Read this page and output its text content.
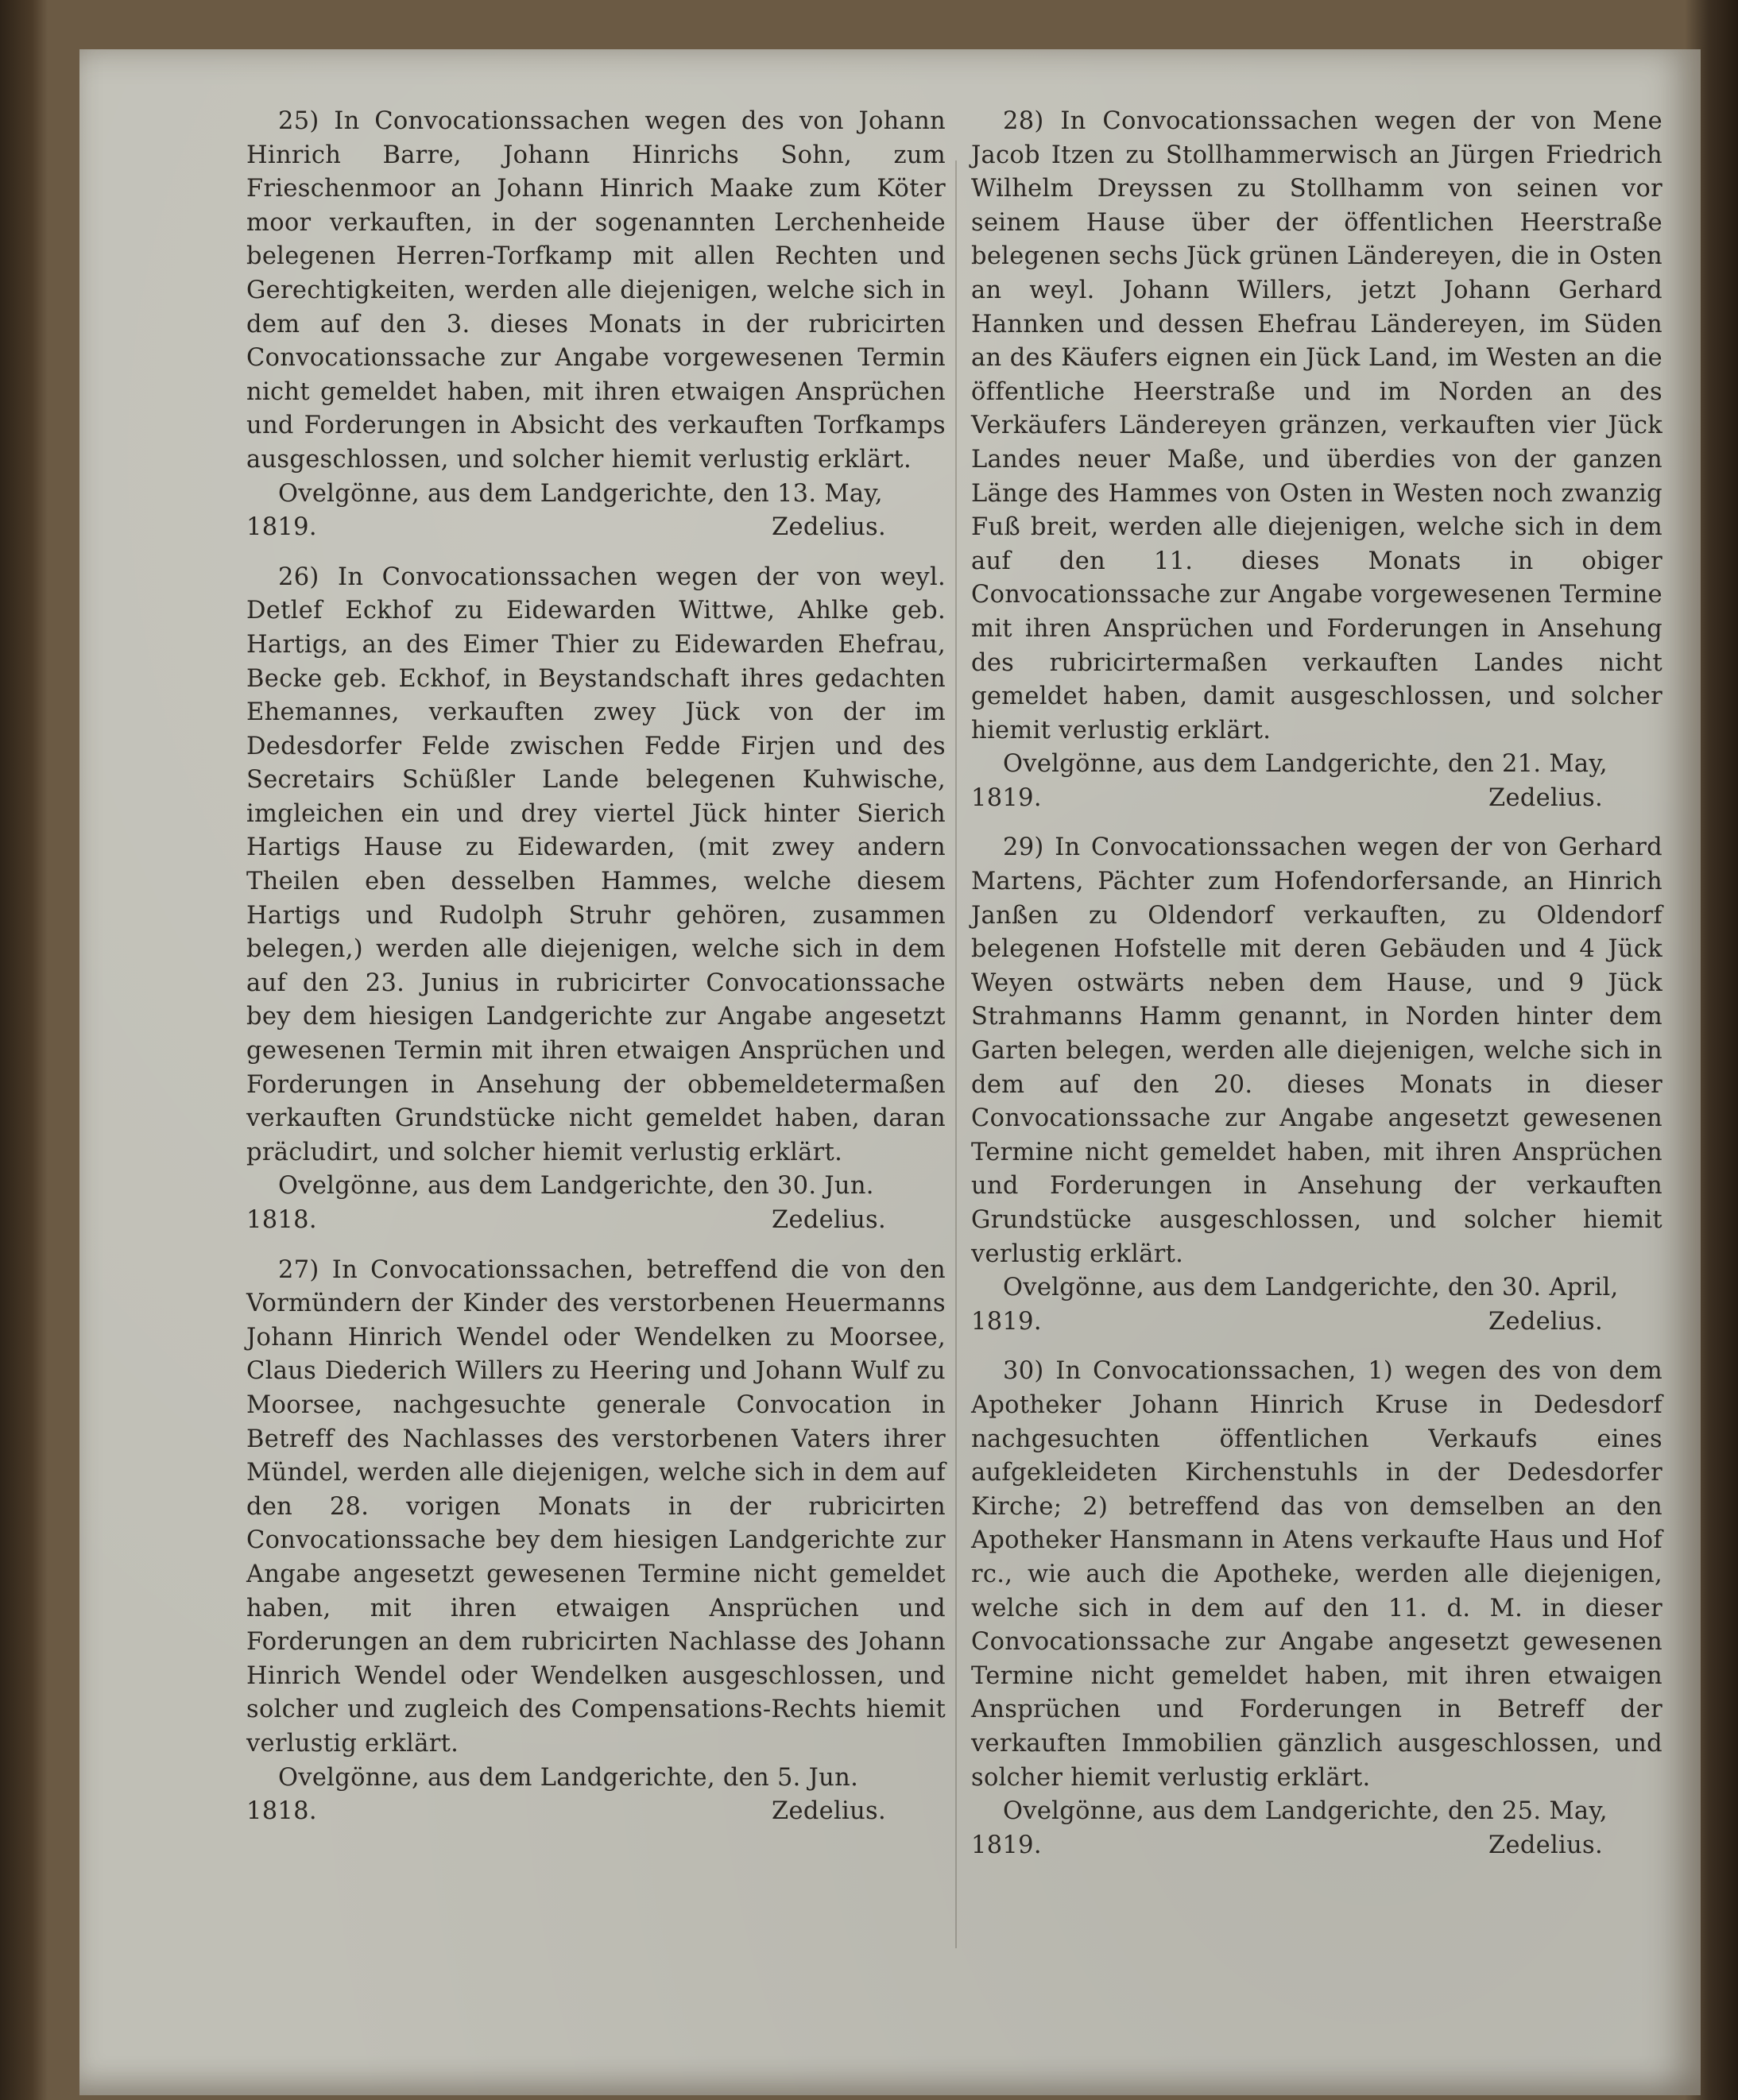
25) In Convocationssachen wegen des von Johann Hinrich Barre, Johann Hinrichs Sohn, zum Frieschenmoor an Johann Hinrich Maake zum Köter moor verkauften, in der sogenannten Lerchenheide belegenen Herren-Torfkamp mit allen Rechten und Gerechtigkeiten, werden alle diejenigen, welche sich in dem auf den 3. dieses Monats in der rubricirten Convocationssache zur Angabe vorgewesenen Termin nicht gemeldet haben, mit ihren etwaigen Ansprüchen und Forderungen in Absicht des verkauften Torfkamps ausgeschlossen, und solcher hiemit verlustig erklärt.

Ovelgönne, aus dem Landgerichte, den 13. May,

1819.	Zedelius.

26) In Convocationssachen wegen der von weyl. Detlef Eckhof zu Eidewarden Wittwe, Ahlke geb. Hartigs, an des Eimer Thier zu Eidewarden Ehefrau, Becke geb. Eckhof, in Beystandschaft ihres gedachten Ehemannes, verkauften zwey Jück von der im Dedesdorfer Felde zwischen Fedde Firjen und des Secretairs Schüßler Lande belegenen Kuhwische, imgleichen ein und drey viertel Jück hinter Sierich Hartigs Hause zu Eidewarden, (mit zwey andern Theilen eben desselben Hammes, welche diesem Hartigs und Rudolph Struhr gehören, zusammen belegen,) werden alle diejenigen, welche sich in dem auf den 23. Junius in rubricirter Convocationssache bey dem hiesigen Landgerichte zur Angabe angesetzt gewesenen Termin mit ihren etwaigen Ansprüchen und Forderungen in Ansehung der obbemeldetermaßen verkauften Grundstücke nicht gemeldet haben, daran präcludirt, und solcher hiemit verlustig erklärt.

Ovelgönne, aus dem Landgerichte, den 30. Jun.

1818.	Zedelius.

27) In Convocationssachen, betreffend die von den Vormündern der Kinder des verstorbenen Heuermanns Johann Hinrich Wendel oder Wendelken zu Moorsee, Claus Diederich Willers zu Heering und Johann Wulf zu Moorsee, nachgesuchte generale Convocation in Betreff des Nachlasses des verstorbenen Vaters ihrer Mündel, werden alle diejenigen, welche sich in dem auf den 28. vorigen Monats in der rubricirten Convocationssache bey dem hiesigen Landgerichte zur Angabe angesetzt gewesenen Termine nicht gemeldet haben, mit ihren etwaigen Ansprüchen und Forderungen an dem rubricirten Nachlasse des Johann Hinrich Wendel oder Wendelken ausgeschlossen, und solcher und zugleich des Compensations-Rechts hiemit verlustig erklärt.

Ovelgönne, aus dem Landgerichte, den 5. Jun.

1818.	Zedelius.

28) In Convocationssachen wegen der von Mene Jacob Itzen zu Stollhammerwisch an Jürgen Friedrich Wilhelm Dreyssen zu Stollhamm von seinen vor seinem Hause über der öffentlichen Heerstraße belegenen sechs Jück grünen Ländereyen, die in Osten an weyl. Johann Willers, jetzt Johann Gerhard Hannken und dessen Ehefrau Ländereyen, im Süden an des Käufers eignen ein Jück Land, im Westen an die öffentliche Heerstraße und im Norden an des Verkäufers Ländereyen gränzen, verkauften vier Jück Landes neuer Maße, und überdies von der ganzen Länge des Hammes von Osten in Westen noch zwanzig Fuß breit, werden alle diejenigen, welche sich in dem auf den 11. dieses Monats in obiger Convocationssache zur Angabe vorgewesenen Termine mit ihren Ansprüchen und Forderungen in Ansehung des rubricirtermaßen verkauften Landes nicht gemeldet haben, damit ausgeschlossen, und solcher hiemit verlustig erklärt.

Ovelgönne, aus dem Landgerichte, den 21. May,

1819.	Zedelius.

29) In Convocationssachen wegen der von Gerhard Martens, Pächter zum Hofendorfersande, an Hinrich Janßen zu Oldendorf verkauften, zu Oldendorf belegenen Hofstelle mit deren Gebäuden und 4 Jück Weyen ostwärts neben dem Hause, und 9 Jück Strahmanns Hamm genannt, in Norden hinter dem Garten belegen, werden alle diejenigen, welche sich in dem auf den 20. dieses Monats in dieser Convocationssache zur Angabe angesetzt gewesenen Termine nicht gemeldet haben, mit ihren Ansprüchen und Forderungen in Ansehung der verkauften Grundstücke ausgeschlossen, und solcher hiemit verlustig erklärt.

Ovelgönne, aus dem Landgerichte, den 30. April,

1819.	Zedelius.

30) In Convocationssachen, 1) wegen des von dem Apotheker Johann Hinrich Kruse in Dedesdorf nachgesuchten öffentlichen Verkaufs eines aufgekleideten Kirchenstuhls in der Dedesdorfer Kirche; 2) betreffend das von demselben an den Apotheker Hansmann in Atens verkaufte Haus und Hof rc., wie auch die Apotheke, werden alle diejenigen, welche sich in dem auf den 11. d. M. in dieser Convocationssache zur Angabe angesetzt gewesenen Termine nicht gemeldet haben, mit ihren etwaigen Ansprüchen und Forderungen in Betreff der verkauften Immobilien gänzlich ausgeschlossen, und solcher hiemit verlustig erklärt.

Ovelgönne, aus dem Landgerichte, den 25. May,

1819.	Zedelius.
